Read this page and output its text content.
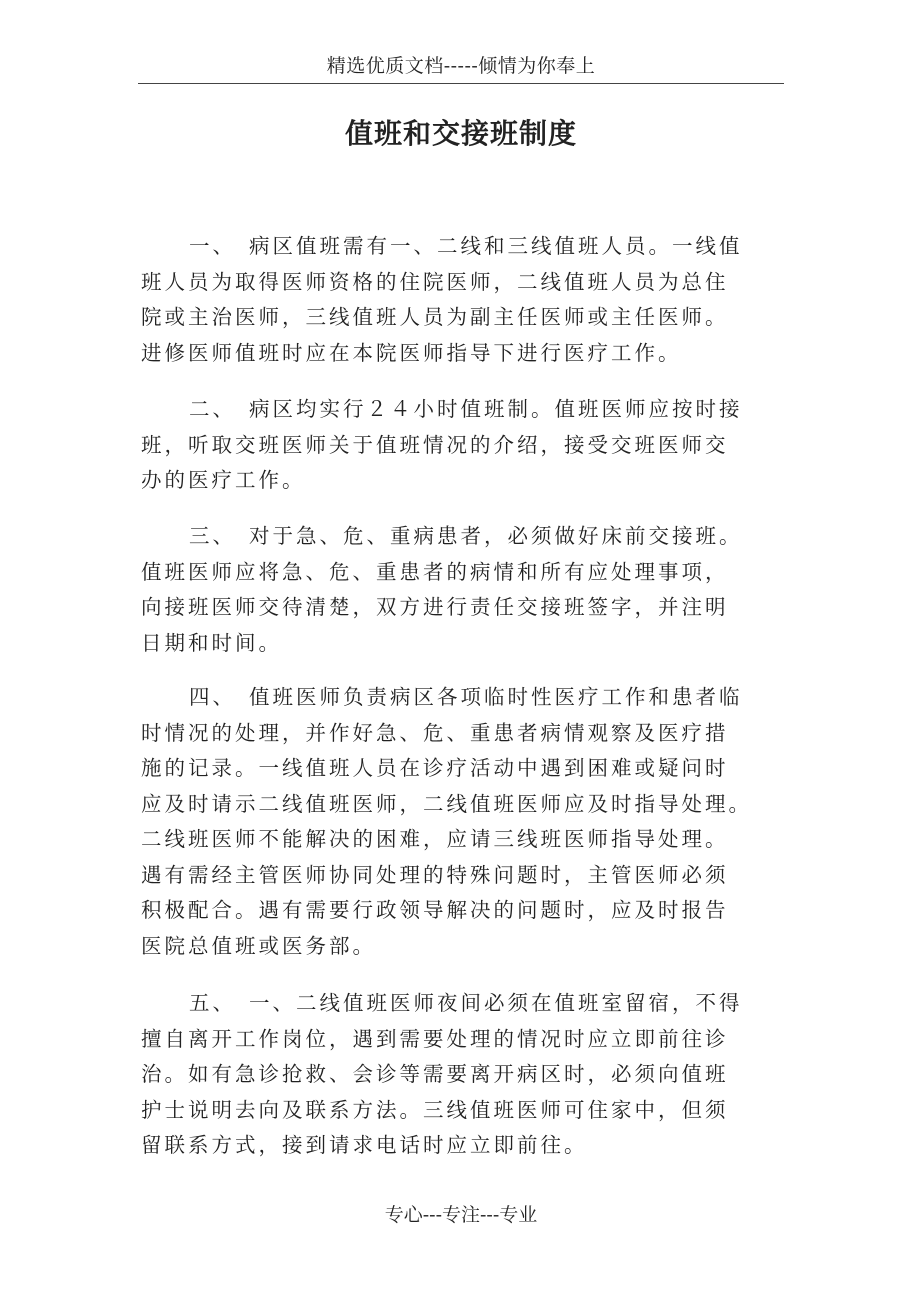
精选优质文档-----倾情为你奉上
值班和交接班制度
一、 病区值班需有一、二线和三线值班人员。一线值
班人员为取得医师资格的住院医师，二线值班人员为总住
院或主治医师，三线值班人员为副主任医师或主任医师。
进修医师值班时应在本院医师指导下进行医疗工作。
二、 病区均实行２４小时值班制。值班医师应按时接
班，听取交班医师关于值班情况的介绍，接受交班医师交
办的医疗工作。
三、 对于急、危、重病患者，必须做好床前交接班。
值班医师应将急、危、重患者的病情和所有应处理事项，
向接班医师交待清楚，双方进行责任交接班签字，并注明
日期和时间。
四、 值班医师负责病区各项临时性医疗工作和患者临
时情况的处理，并作好急、危、重患者病情观察及医疗措
施的记录。一线值班人员在诊疗活动中遇到困难或疑问时
应及时请示二线值班医师，二线值班医师应及时指导处理。
二线班医师不能解决的困难，应请三线班医师指导处理。
遇有需经主管医师协同处理的特殊问题时，主管医师必须
积极配合。遇有需要行政领导解决的问题时，应及时报告
医院总值班或医务部。
五、 一、二线值班医师夜间必须在值班室留宿，不得
擅自离开工作岗位，遇到需要处理的情况时应立即前往诊
治。如有急诊抢救、会诊等需要离开病区时，必须向值班
护士说明去向及联系方法。三线值班医师可住家中，但须
留联系方式，接到请求电话时应立即前往。
专心---专注---专业
